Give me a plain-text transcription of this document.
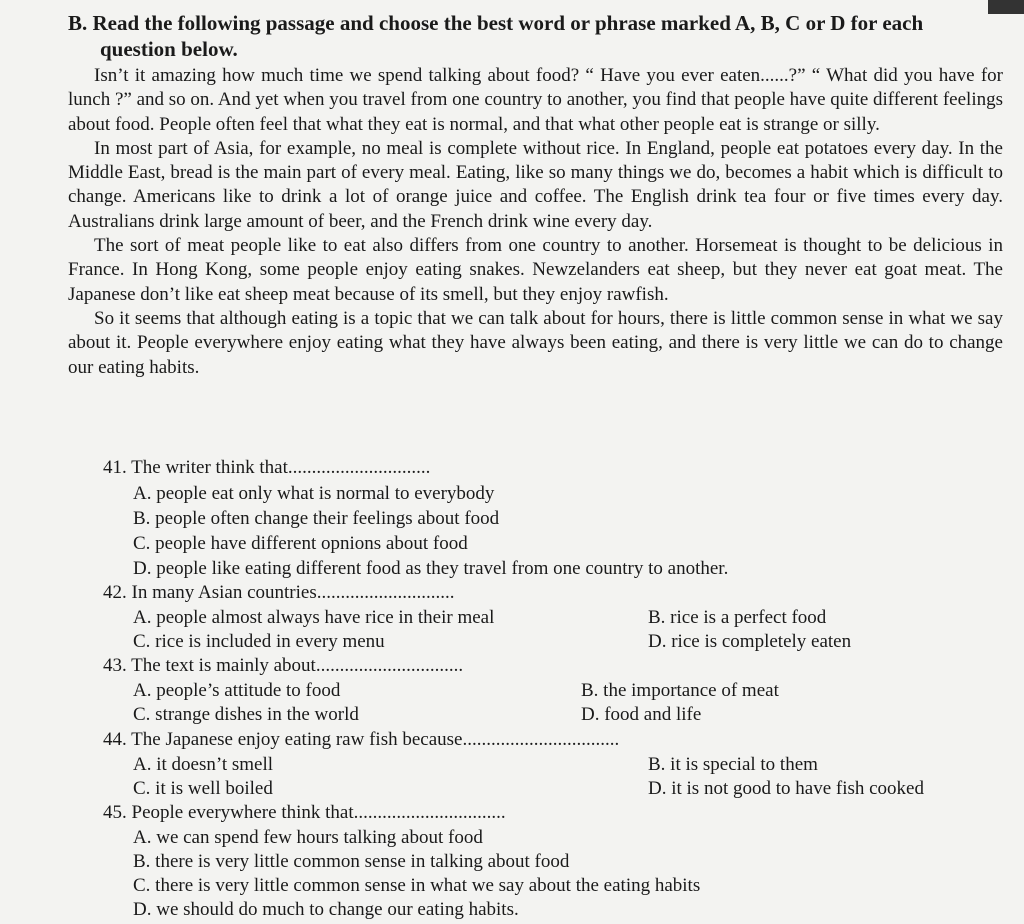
B. Read the following passage and choose the best word or phrase marked A, B, C or D for each
question below.

Isn’t it amazing how much time we spend talking about food? “ Have you ever eaten......?” “ What did you have for lunch ?” and so on. And yet when you travel from one country to another, you find that people have quite different feelings about food. People often feel that what they eat is normal, and that what other people eat is strange or silly.

In most part of Asia, for example, no meal is complete without rice. In England, people eat potatoes every day. In the Middle East, bread is the main part of every meal. Eating, like so many things we do, becomes a habit which is difficult to change. Americans like to drink a lot of orange juice and coffee. The English drink tea four or five times every day. Australians drink large amount of beer, and the French drink wine every day.

The sort of meat people like to eat also differs from one country to another. Horsemeat is thought to be delicious in France. In Hong Kong, some people enjoy eating snakes. Newzelanders eat sheep, but they never eat goat meat. The Japanese don’t like eat sheep meat because of its smell, but they enjoy rawfish.

So it seems that although eating is a topic that we can talk about for hours, there is little common sense in what we say about it. People everywhere enjoy eating what they have always been eating, and there is very little we can do to change our eating habits.

41. The writer think that..............................
A. people eat only what is normal to everybody
B. people often change their feelings about food
C. people have different opnions about food
D. people like eating different food as they travel from one country to another.
42. In many Asian countries.............................
A. people almost always have rice in their meal	B. rice is a perfect food
C. rice is included in every menu	D. rice is completely eaten
43. The text is mainly about...............................
A. people’s attitude to food	B. the importance of meat
C. strange dishes in the world	D. food and life
44. The Japanese enjoy eating raw fish because.................................
A. it doesn’t smell	B. it is special to them
C. it is well boiled	D. it is not good to have fish cooked
45. People everywhere think that................................
A. we can spend few hours talking about food
B. there is very little common sense in talking about food
C. there is very little common sense in what we say about the eating habits
D. we should do much to change our eating habits.
